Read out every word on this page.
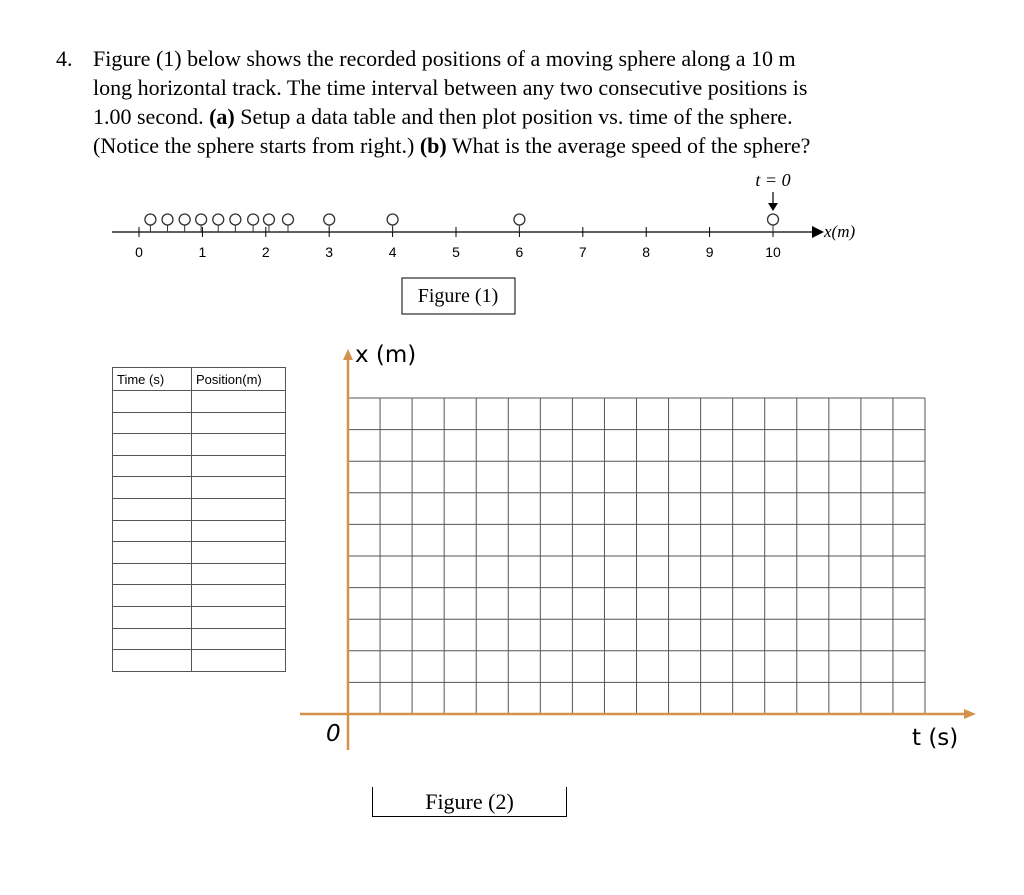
4. Figure (1) below shows the recorded positions of a moving sphere along a 10 m
long horizontal track. The time interval between any two consecutive positions is
1.00 second. (a) Setup a data table and then plot position vs. time of the sphere.
(Notice the sphere starts from right.) (b) What is the average speed of the sphere?
x(m)
0	1	2	3	4	5	6	7	8	9	10
t = 0
Figure (1)
x (m)
t (s)
0
Time (s)	Position(m)

Figure (2)
